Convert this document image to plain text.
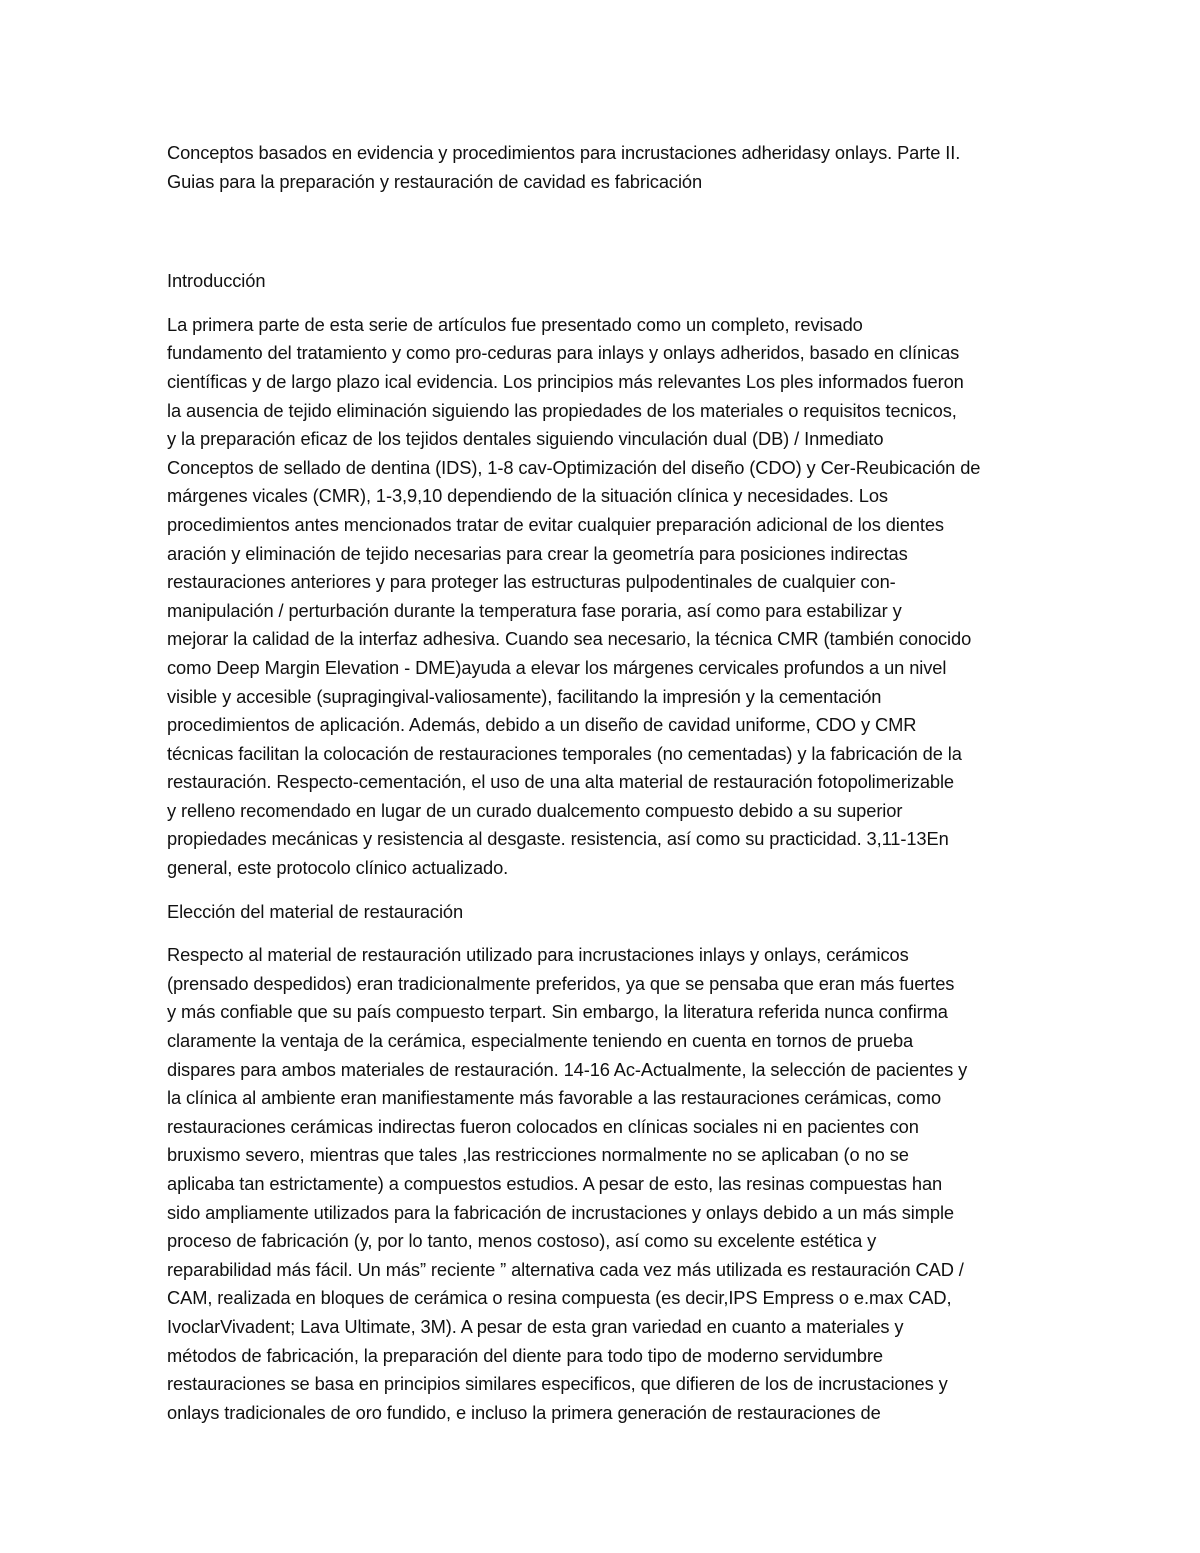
Conceptos basados en evidencia y procedimientos para incrustaciones adheridasy onlays. Parte II.
Guias para la preparación y restauración de cavidad es fabricación
Introducción
La primera parte de esta serie de artículos fue presentado como un completo, revisado
fundamento del tratamiento y como pro-ceduras para inlays y onlays adheridos, basado en clínicas
científicas y de largo plazo ical evidencia. Los principios más relevantes Los ples informados fueron
la ausencia de tejido eliminación siguiendo las propiedades de los materiales o requisitos tecnicos,
y la preparación eficaz de los tejidos dentales siguiendo vinculación dual (DB) / Inmediato
Conceptos de sellado de dentina (IDS), 1-8 cav-Optimización del diseño (CDO) y Cer-Reubicación de
márgenes vicales (CMR), 1-3,9,10 dependiendo de la situación clínica y necesidades. Los
procedimientos antes mencionados tratar de evitar cualquier preparación adicional de los dientes
aración y eliminación de tejido necesarias para crear la geometría para posiciones indirectas
restauraciones anteriores y para proteger las estructuras pulpodentinales de cualquier con-
manipulación / perturbación durante la temperatura fase poraria, así como para estabilizar y
mejorar la calidad de la interfaz adhesiva. Cuando sea necesario, la técnica CMR (también conocido
como Deep Margin Elevation - DME)ayuda a elevar los márgenes cervicales profundos a un nivel
visible y accesible (supragingival-valiosamente), facilitando la impresión y la cementación
procedimientos de aplicación. Además, debido a un diseño de cavidad uniforme, CDO y CMR
técnicas facilitan la colocación de restauraciones temporales (no cementadas) y la fabricación de la
restauración. Respecto-cementación, el uso de una alta material de restauración fotopolimerizable
y relleno recomendado en lugar de un curado dualcemento compuesto debido a su superior
propiedades mecánicas y resistencia al desgaste. resistencia, así como su practicidad. 3,11-13En
general, este protocolo clínico actualizado.
Elección del material de restauración
Respecto al material de restauración utilizado para incrustaciones inlays y onlays, cerámicos
(prensado despedidos) eran tradicionalmente preferidos, ya que se pensaba que eran más fuertes
y más confiable que su país compuesto terpart. Sin embargo, la literatura referida nunca confirma
claramente la ventaja de la cerámica, especialmente teniendo en cuenta en tornos de prueba
dispares para ambos materiales de restauración. 14-16 Ac-Actualmente, la selección de pacientes y
la clínica al ambiente eran manifiestamente más favorable a las restauraciones cerámicas, como
restauraciones cerámicas indirectas fueron colocados en clínicas sociales ni en pacientes con
bruxismo severo, mientras que tales ,las restricciones normalmente no se aplicaban (o no se
aplicaba tan estrictamente) a compuestos estudios. A pesar de esto, las resinas compuestas han
sido ampliamente utilizados para la fabricación de incrustaciones y onlays debido a un más simple
proceso de fabricación (y, por lo tanto, menos costoso), así como su excelente estética y
reparabilidad más fácil. Un más” reciente ” alternativa cada vez más utilizada es restauración CAD /
CAM, realizada en bloques de cerámica o resina compuesta (es decir,IPS Empress o e.max CAD,
IvoclarVivadent; Lava Ultimate, 3M). A pesar de esta gran variedad en cuanto a materiales y
métodos de fabricación, la preparación del diente para todo tipo de moderno servidumbre
restauraciones se basa en principios similares especificos, que difieren de los de incrustaciones y
onlays tradicionales de oro fundido, e incluso la primera generación de restauraciones de
